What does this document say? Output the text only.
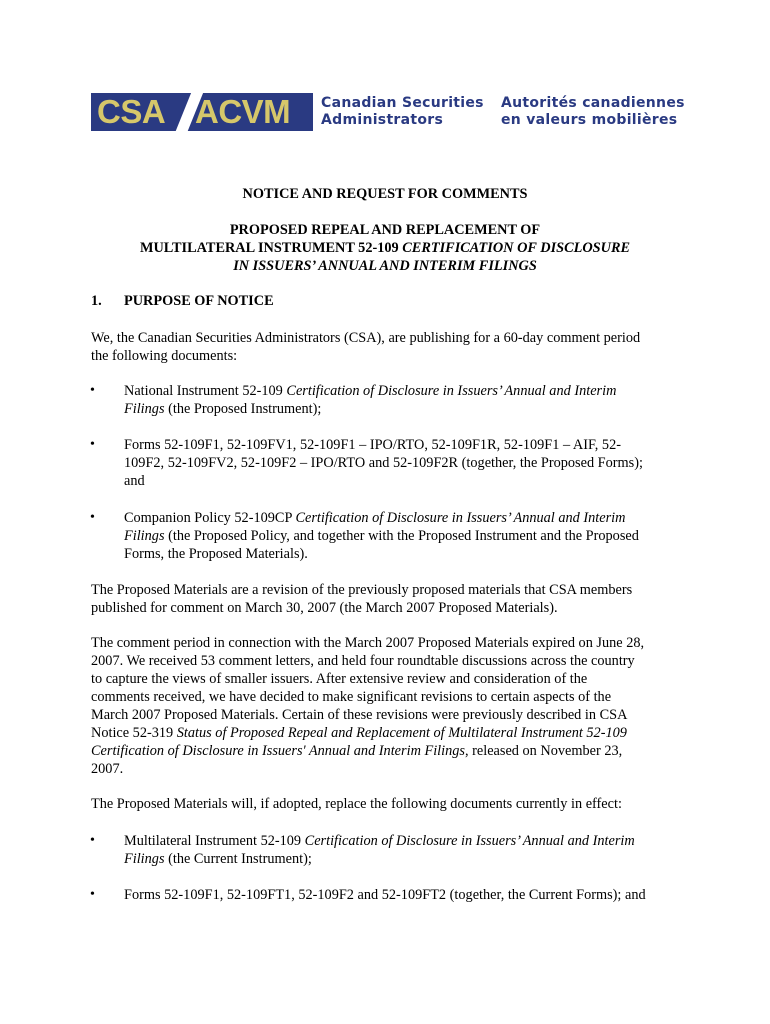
CSA ACVM Canadian Securities
Administrators
Autorités canadiennes
en valeurs mobilières
NOTICE AND REQUEST FOR COMMENTS
PROPOSED REPEAL AND REPLACEMENT OF
MULTILATERAL INSTRUMENT 52-109 CERTIFICATION OF DISCLOSURE
IN ISSUERS’ ANNUAL AND INTERIM FILINGS
1. PURPOSE OF NOTICE
We, the Canadian Securities Administrators (CSA), are publishing for a 60-day comment period
the following documents:
• National Instrument 52-109 Certification of Disclosure in Issuers’ Annual and Interim
Filings (the Proposed Instrument);
• Forms 52-109F1, 52-109FV1, 52-109F1 – IPO/RTO, 52-109F1R, 52-109F1 – AIF, 52-
109F2, 52-109FV2, 52-109F2 – IPO/RTO and 52-109F2R (together, the Proposed Forms);
and
• Companion Policy 52-109CP Certification of Disclosure in Issuers’ Annual and Interim
Filings (the Proposed Policy, and together with the Proposed Instrument and the Proposed
Forms, the Proposed Materials).
The Proposed Materials are a revision of the previously proposed materials that CSA members
published for comment on March 30, 2007 (the March 2007 Proposed Materials).
The comment period in connection with the March 2007 Proposed Materials expired on June 28,
2007. We received 53 comment letters, and held four roundtable discussions across the country
to capture the views of smaller issuers. After extensive review and consideration of the
comments received, we have decided to make significant revisions to certain aspects of the
March 2007 Proposed Materials. Certain of these revisions were previously described in CSA
Notice 52-319 Status of Proposed Repeal and Replacement of Multilateral Instrument 52-109
Certification of Disclosure in Issuers' Annual and Interim Filings, released on November 23,
2007.
The Proposed Materials will, if adopted, replace the following documents currently in effect:
• Multilateral Instrument 52-109 Certification of Disclosure in Issuers’ Annual and Interim
Filings (the Current Instrument);
• Forms 52-109F1, 52-109FT1, 52-109F2 and 52-109FT2 (together, the Current Forms); and
